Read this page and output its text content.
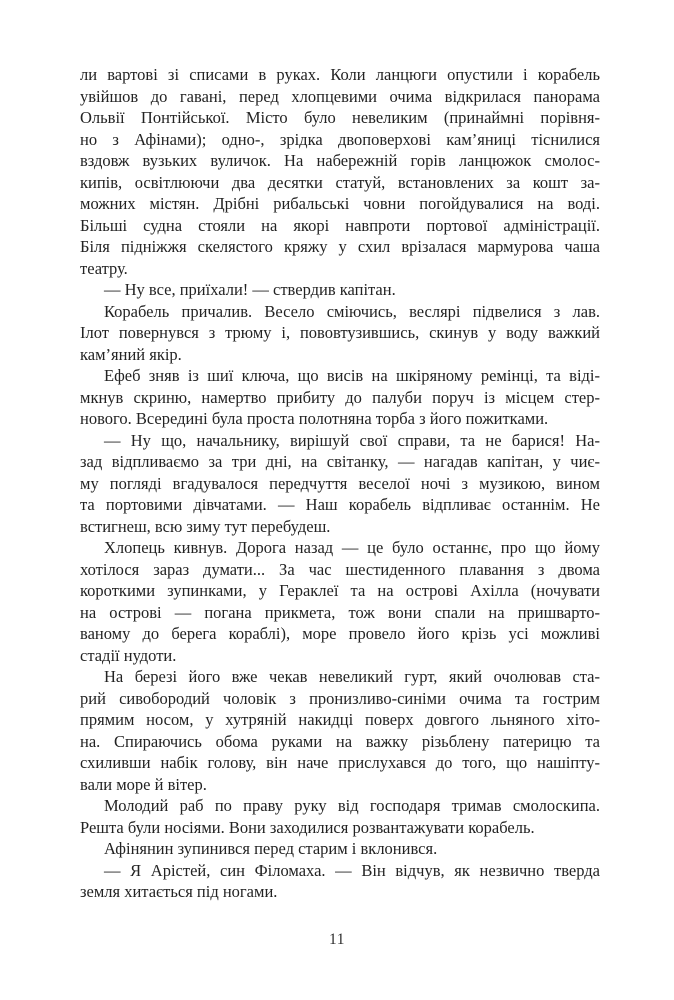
ли вартові зі списами в руках. Коли ланцюги опустили і корабель
увійшов до гавані, перед хлопцевими очима відкрилася панорама
Ольвії Понтійської. Місто було невеликим (принаймні порівня-
но з Афінами); одно-, зрідка двоповерхові кам’яниці тіснилися
вздовж вузьких вуличок. На набережній горів ланцюжок смолос-
кипів, освітлюючи два десятки статуй, встановлених за кошт за-
можних містян. Дрібні рибальські човни погойдувалися на воді.
Більші судна стояли на якорі навпроти портової адміністрації.
Біля підніжжя скелястого кряжу у схил врізалася мармурова чаша
театру.
— Ну все, приїхали! — ствердив капітан.
Корабель причалив. Весело сміючись, веслярі підвелися з лав.
Ілот повернувся з трюму і, пововтузившись, скинув у воду важкий
кам’яний якір.
Ефеб зняв із шиї ключа, що висів на шкіряному ремінці, та віді-
мкнув скриню, намертво прибиту до палуби поруч із місцем стер-
нового. Всередині була проста полотняна торба з його пожитками.
— Ну що, начальнику, вирішуй свої справи, та не барися! На-
зад відпливаємо за три дні, на світанку, — нагадав капітан, у чиє-
му погляді вгадувалося передчуття веселої ночі з музикою, вином
та портовими дівчатами. — Наш корабель відпливає останнім. Не
встигнеш, всю зиму тут перебудеш.
Хлопець кивнув. Дорога назад — це було останнє, про що йому
хотілося зараз думати... За час шестиденного плавання з двома
короткими зупинками, у Гераклеї та на острові Ахілла (ночувати
на острові — погана прикмета, тож вони спали на пришварто-
ваному до берега кораблі), море провело його крізь усі можливі
стадії нудоти.
На березі його вже чекав невеликий гурт, який очолював ста-
рий сивобородий чоловік з пронизливо-синіми очима та гострим
прямим носом, у хутряній накидці поверх довгого льняного хіто-
на. Спираючись обома руками на важку різьблену патерицю та
схиливши набік голову, він наче прислухався до того, що нашіпту-
вали море й вітер.
Молодий раб по праву руку від господаря тримав смолоскипа.
Решта були носіями. Вони заходилися розвантажувати корабель.
Афінянин зупинився перед старим і вклонився.
— Я Арістей, син Філомаха. — Він відчув, як незвично тверда
земля хитається під ногами.
11
